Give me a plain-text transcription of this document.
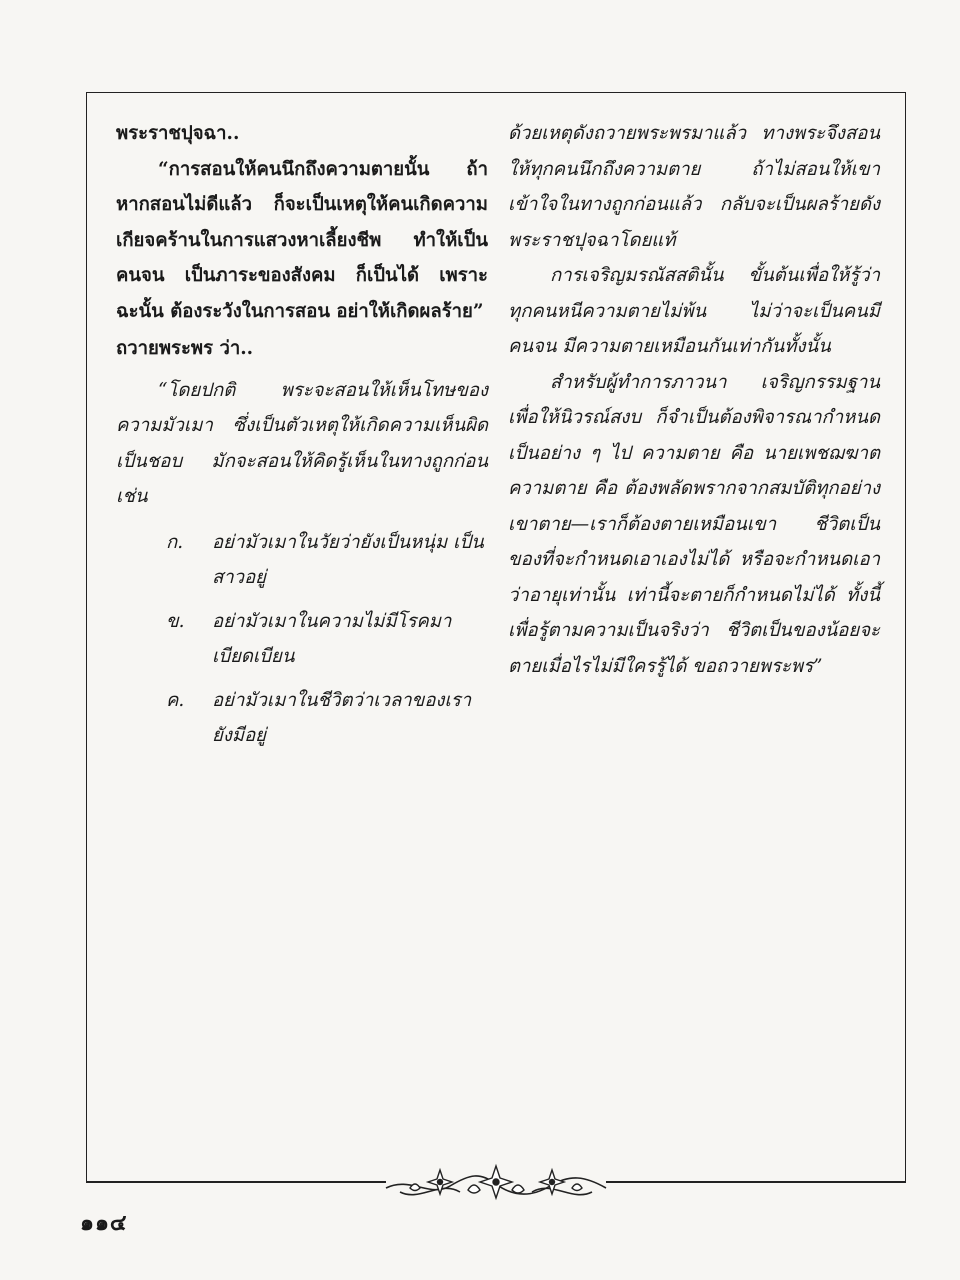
พระราชปุจฉา..

“การสอนให้คนนึกถึงความตายนั้น ถ้าหากสอนไม่ดีแล้ว ก็จะเป็นเหตุให้คนเกิดความเกียจคร้านในการแสวงหาเลี้ยงชีพ ทำให้เป็นคนจน เป็นภาระของสังคม ก็เป็นได้ เพราะฉะนั้น ต้องระวังในการสอน อย่าให้เกิดผลร้าย”

ถวายพระพร ว่า..

“โดยปกติ พระจะสอนให้เห็นโทษของความมัวเมา ซึ่งเป็นตัวเหตุให้เกิดความเห็นผิดเป็นชอบ มักจะสอนให้คิดรู้เห็นในทางถูกก่อน เช่น

ก.	อย่ามัวเมาในวัยว่ายังเป็นหนุ่ม เป็นสาวอยู่
ข.	อย่ามัวเมาในความไม่มีโรคมา เบียดเบียน
ค.	อย่ามัวเมาในชีวิตว่าเวลาของเรา ยังมีอยู่

ด้วยเหตุดังถวายพระพรมาแล้ว ทางพระจึงสอนให้ทุกคนนึกถึงความตาย ถ้าไม่สอนให้เขาเข้าใจในทางถูกก่อนแล้ว กลับจะเป็นผลร้ายดังพระราชปุจฉาโดยแท้

การเจริญมรณัสสตินั้น ขั้นต้นเพื่อให้รู้ว่า ทุกคนหนีความตายไม่พ้น ไม่ว่าจะเป็นคนมีคนจน มีความตายเหมือนกันเท่ากันทั้งนั้น

สำหรับผู้ทำการภาวนา เจริญกรรมฐานเพื่อให้นิวรณ์สงบ ก็จำเป็นต้องพิจารณากำหนดเป็นอย่าง ๆ ไป ความตาย คือ นายเพชฌฆาต ความตาย คือ ต้องพลัดพรากจากสมบัติทุกอย่าง เขาตาย—เราก็ต้องตายเหมือนเขา ชีวิตเป็นของที่จะกำหนดเอาเองไม่ได้ หรือจะกำหนดเอาว่าอายุเท่านั้น เท่านี้จะตายก็กำหนดไม่ได้ ทั้งนี้ เพื่อรู้ตามความเป็นจริงว่า ชีวิตเป็นของน้อยจะตายเมื่อไรไม่มีใครรู้ได้ ขอถวายพระพร”

๑๑๔
